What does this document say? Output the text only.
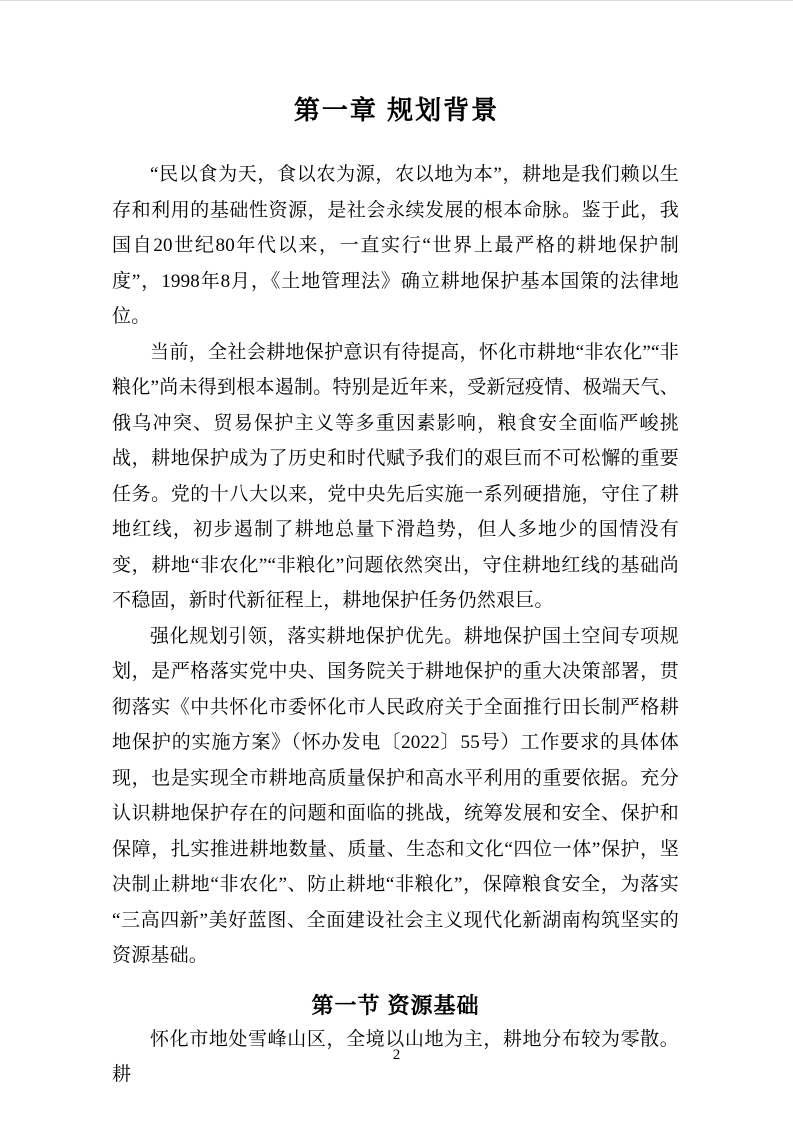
第一章 规划背景

“民以食为天，食以农为源，农以地为本”，耕地是我们赖以生存和利用的基础性资源，是社会永续发展的根本命脉。鉴于此，我国自20世纪80年代以来，一直实行“世界上最严格的耕地保护制度”，1998年8月，《土地管理法》确立耕地保护基本国策的法律地位。

当前，全社会耕地保护意识有待提高，怀化市耕地“非农化”“非粮化”尚未得到根本遏制。特别是近年来，受新冠疫情、极端天气、俄乌冲突、贸易保护主义等多重因素影响，粮食安全面临严峻挑战，耕地保护成为了历史和时代赋予我们的艰巨而不可松懈的重要任务。党的十八大以来，党中央先后实施一系列硬措施，守住了耕地红线，初步遏制了耕地总量下滑趋势，但人多地少的国情没有变，耕地“非农化”“非粮化”问题依然突出，守住耕地红线的基础尚不稳固，新时代新征程上，耕地保护任务仍然艰巨。

强化规划引领，落实耕地保护优先。耕地保护国土空间专项规划，是严格落实党中央、国务院关于耕地保护的重大决策部署，贯彻落实《中共怀化市委怀化市人民政府关于全面推行田长制严格耕地保护的实施方案》（怀办发电〔2022〕55号）工作要求的具体体现，也是实现全市耕地高质量保护和高水平利用的重要依据。充分认识耕地保护存在的问题和面临的挑战，统筹发展和安全、保护和保障，扎实推进耕地数量、质量、生态和文化“四位一体”保护，坚决制止耕地“非农化”、防止耕地“非粮化”，保障粮食安全，为落实“三高四新”美好蓝图、全面建设社会主义现代化新湖南构筑坚实的资源基础。

第一节 资源基础

怀化市地处雪峰山区，全境以山地为主，耕地分布较为零散。耕

2
